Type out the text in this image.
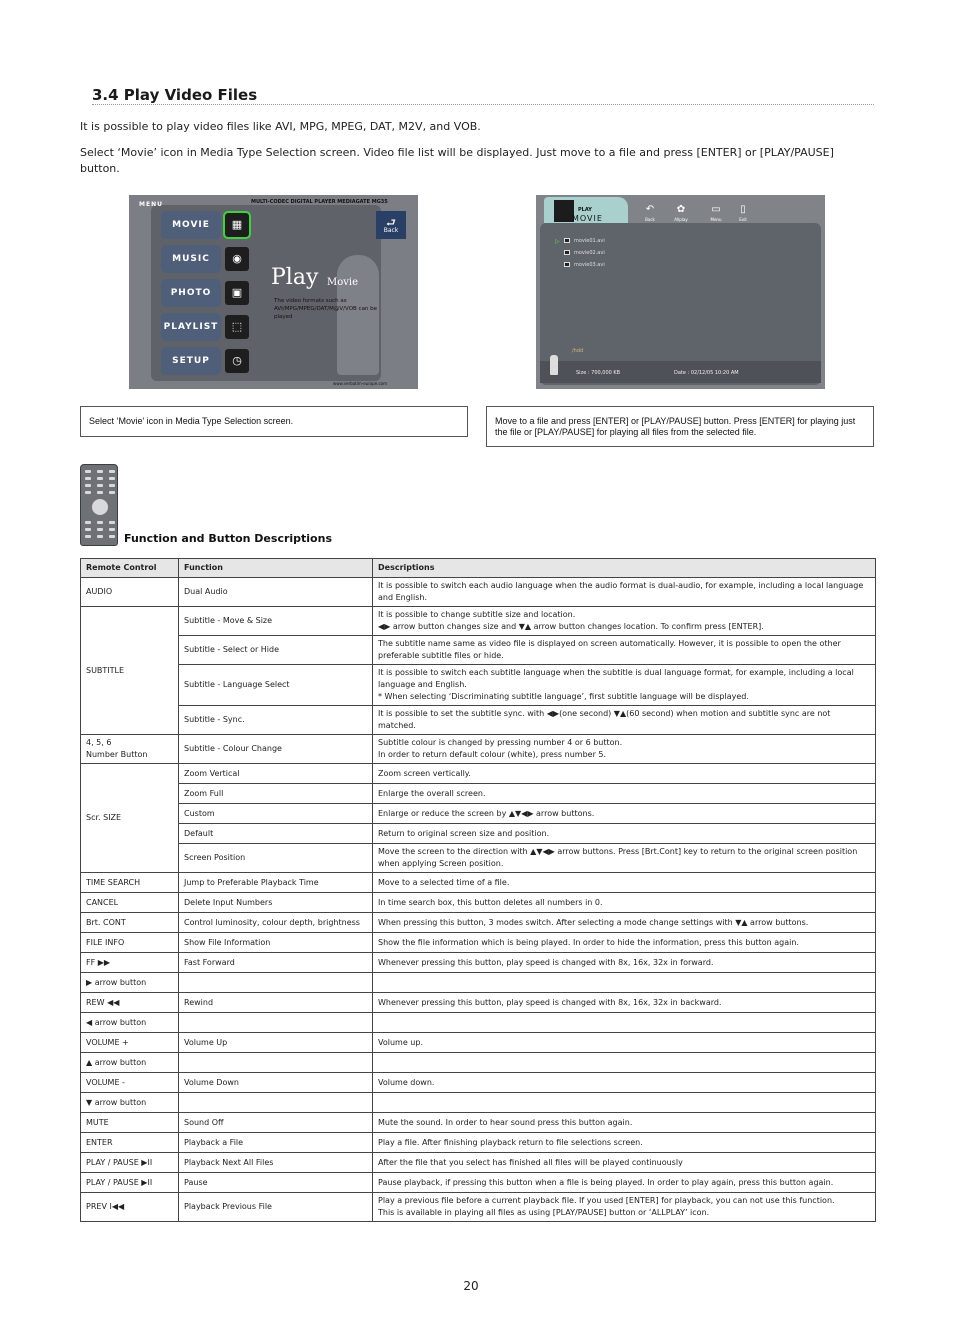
3.4 Play Video Files
It is possible to play video files like AVI, MPG, MPEG, DAT, M2V, and VOB.
Select ‘Movie’ icon in Media Type Selection screen. Video file list will be displayed. Just move to a file and press [ENTER] or [PLAY/PAUSE] button.
MENU	MULTI-CODEC DIGITAL PLAYER MEDIAGATE MG35
MOVIE	▦
MUSIC	◉
PHOTO	▣
PLAYLIST	⬚
SETUP	◷
⮐
Back
Play Movie
The video formats such as AVI/MPG/MPEG/DAT/M@V/VOB can be played
www.verbatim-europe.com
PLAY
MOVIE
↶
Back
✿
Allplay
▭
Menu
▯
Exit
▷	movie01.avi
movie02.avi
movie03.avi
/hdd
Size : 700,000 KB	Date : 02/12/05 10:20 AM
Select ‘Movie’ icon in Media Type Selection screen.	Move to a file and press [ENTER] or [PLAY/PAUSE] button. Press [ENTER] for playing just the file or [PLAY/PAUSE] for playing all files from the selected file.
Function and Button Descriptions
Remote Control	Function	Descriptions
AUDIO	Dual Audio	It is possible to switch each audio language when the audio format is dual-audio, for example, including a local language and English.
SUBTITLE	Subtitle - Move & Size	It is possible to change subtitle size and location.
◀▶ arrow button changes size and ▼▲ arrow button changes location. To confirm press [ENTER].
	Subtitle - Select or Hide	The subtitle name same as video file is displayed on screen automatically. However, it is possible to open the other preferable subtitle files or hide.
	Subtitle - Language Select	It is possible to switch each subtitle language when the subtitle is dual language format, for example, including a local language and English.
* When selecting ‘Discriminating subtitle language’, first subtitle language will be displayed.
	Subtitle - Sync.	It is possible to set the subtitle sync. with ◀▶(one second) ▼▲(60 second) when motion and subtitle sync are not matched.
4, 5, 6
Number Button	Subtitle - Colour Change	Subtitle colour is changed by pressing number 4 or 6 button.
In order to return default colour (white), press number 5.
Scr. SIZE	Zoom Vertical	Zoom screen vertically.
	Zoom Full	Enlarge the overall screen.
	Custom	Enlarge or reduce the screen by ▲▼◀▶ arrow buttons.
	Default	Return to original screen size and position.
	Screen Position	Move the screen to the direction with ▲▼◀▶ arrow buttons. Press [Brt.Cont] key to return to the original screen position when applying Screen position.
TIME SEARCH	Jump to Preferable Playback Time	Move to a selected time of a file.
CANCEL	Delete Input Numbers	In time search box, this button deletes all numbers in 0.
Brt. CONT	Control luminosity, colour depth, brightness	When pressing this button, 3 modes switch. After selecting a mode change settings with ▼▲ arrow buttons.
FILE INFO	Show File Information	Show the file information which is being played. In order to hide the information, press this button again.
FF ▶▶	Fast Forward	Whenever pressing this button, play speed is changed with 8x, 16x, 32x in forward.
▶ arrow button		
REW ◀◀	Rewind	Whenever pressing this button, play speed is changed with 8x, 16x, 32x in backward.
◀ arrow button		
VOLUME +	Volume Up	Volume up.
▲ arrow button		
VOLUME -	Volume Down	Volume down.
▼ arrow button		
MUTE	Sound Off	Mute the sound. In order to hear sound press this button again.
ENTER	Playback a File	Play a file. After finishing playback return to file selections screen.
PLAY / PAUSE ▶II	Playback Next All Files	After the file that you select has finished all files will be played continuously
PLAY / PAUSE ▶II	Pause	Pause playback, if pressing this button when a file is being played. In order to play again, press this button again.
PREV I◀◀	Playback Previous File	Play a previous file before a current playback file. If you used [ENTER] for playback, you can not use this function.
This is available in playing all files as using [PLAY/PAUSE] button or ‘ALLPLAY’ icon.
20
